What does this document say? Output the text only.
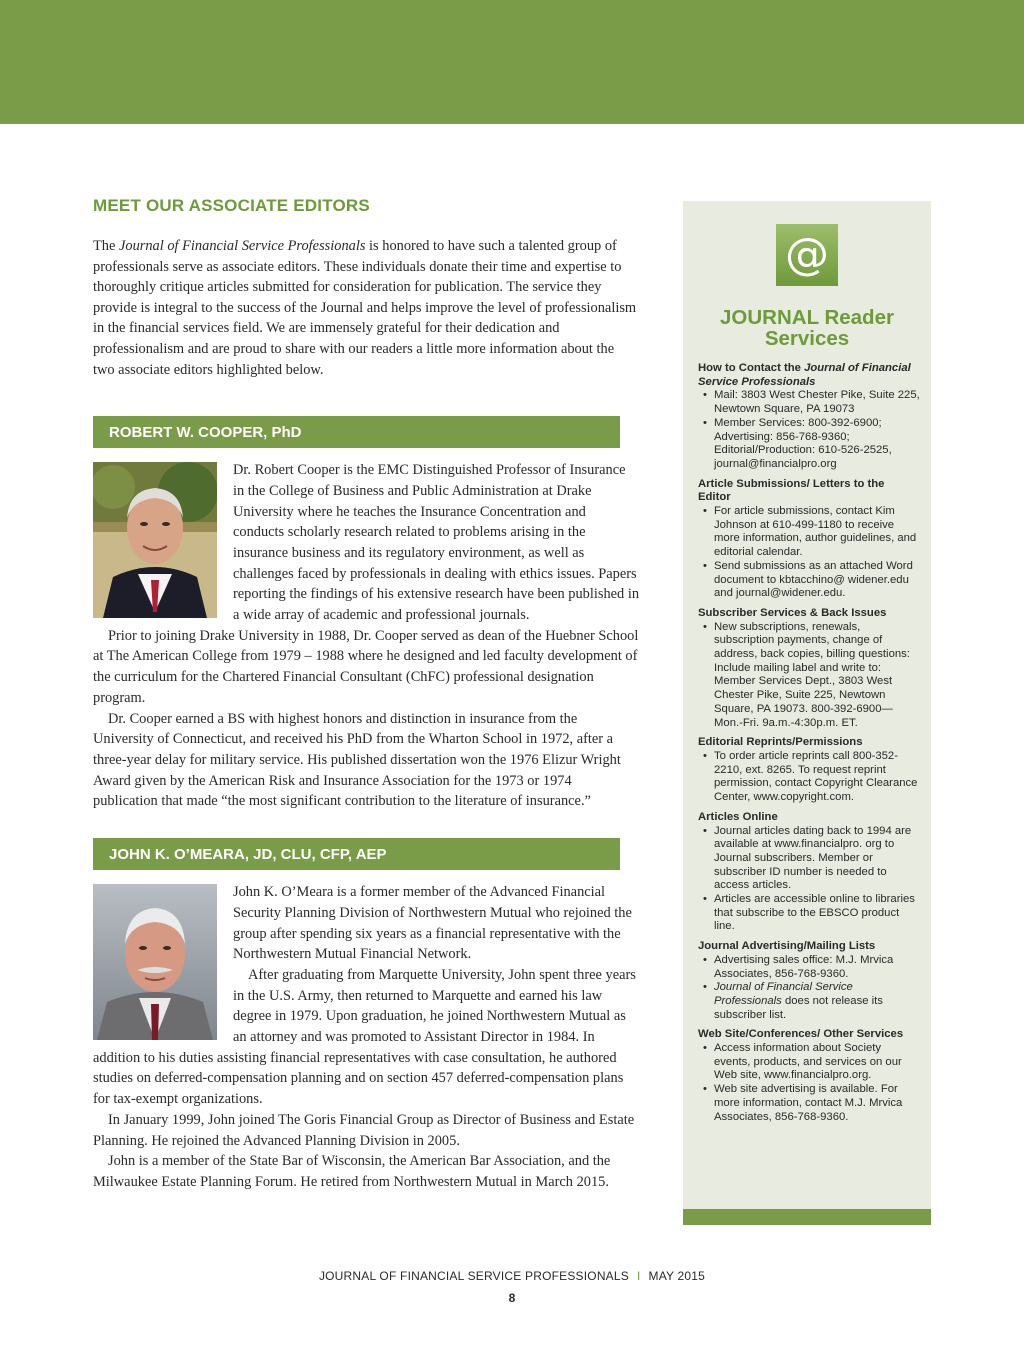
MEET OUR ASSOCIATE EDITORS

The Journal of Financial Service Professionals is honored to have such a talented group of professionals serve as associate editors. These individuals donate their time and expertise to thoroughly critique articles submitted for consideration for publication. The service they provide is integral to the success of the Journal and helps improve the level of professionalism in the financial services field. We are immensely grateful for their dedication and professionalism and are proud to share with our readers a little more information about the two associate editors highlighted below.

ROBERT W. COOPER, PhD

Dr. Robert Cooper is the EMC Distinguished Professor of Insurance in the College of Business and Public Administration at Drake University where he teaches the Insurance Concentration and conducts scholarly research related to problems arising in the insurance business and its regulatory environment, as well as challenges faced by professionals in dealing with ethics issues. Papers reporting the findings of his extensive research have been published in a wide array of academic and professional journals.

Prior to joining Drake University in 1988, Dr. Cooper served as dean of the Huebner School at The American College from 1979 – 1988 where he designed and led faculty development of the curriculum for the Chartered Financial Consultant (ChFC) professional designation program.

Dr. Cooper earned a BS with highest honors and distinction in insurance from the University of Connecticut, and received his PhD from the Wharton School in 1972, after a three-year delay for military service. His published dissertation won the 1976 Elizur Wright Award given by the American Risk and Insurance Association for the 1973 or 1974 publication that made “the most significant contribution to the literature of insurance.”

JOHN K. O’MEARA, JD, CLU, CFP, AEP

John K. O’Meara is a former member of the Advanced Financial Security Planning Division of Northwestern Mutual who rejoined the group after spending six years as a financial representative with the Northwestern Mutual Financial Network.

After graduating from Marquette University, John spent three years in the U.S. Army, then returned to Marquette and earned his law degree in 1979. Upon graduation, he joined Northwestern Mutual as an attorney and was promoted to Assistant Director in 1984. In addition to his duties assisting financial representatives with case consultation, he authored studies on deferred-compensation planning and on section 457 deferred-compensation plans for tax-exempt organizations.

In January 1999, John joined The Goris Financial Group as Director of Business and Estate Planning. He rejoined the Advanced Planning Division in 2005.

John is a member of the State Bar of Wisconsin, the American Bar Association, and the Milwaukee Estate Planning Forum. He retired from Northwestern Mutual in March 2015.

@
JOURNAL Reader
Services
How to Contact the Journal of Financial Service Professionals
• Mail: 3803 West Chester Pike, Suite 225, Newtown Square, PA 19073
• Member Services: 800-392-6900; Advertising: 856-768-9360; Editorial/Production: 610-526-2525, journal@financialpro.org
Article Submissions/ Letters to the Editor
• For article submissions, contact Kim Johnson at 610-499-1180 to receive more information, author guidelines, and editorial calendar.
• Send submissions as an attached Word document to kbtacchino@ widener.edu and journal@widener.edu.
Subscriber Services & Back Issues
• New subscriptions, renewals, subscription payments, change of address, back copies, billing questions: Include mailing label and write to: Member Services Dept., 3803 West Chester Pike, Suite 225, Newtown Square, PA 19073. 800-392-6900—Mon.-Fri. 9a.m.-4:30p.m. ET.
Editorial Reprints/Permissions
• To order article reprints call 800-352-2210, ext. 8265. To request reprint permission, contact Copyright Clearance Center, www.copyright.com.
Articles Online
• Journal articles dating back to 1994 are available at www.financialpro. org to Journal subscribers. Member or subscriber ID number is needed to access articles.
• Articles are accessible online to libraries that subscribe to the EBSCO product line.
Journal Advertising/Mailing Lists
• Advertising sales office: M.J. Mrvica Associates, 856-768-9360.
• Journal of Financial Service Professionals does not release its subscriber list.
Web Site/Conferences/ Other Services
• Access information about Society events, products, and services on our Web site, www.financialpro.org.
• Web site advertising is available. For more information, contact M.J. Mrvica Associates, 856-768-9360.
JOURNAL OF FINANCIAL SERVICE PROFESSIONALS I MAY 2015
8
